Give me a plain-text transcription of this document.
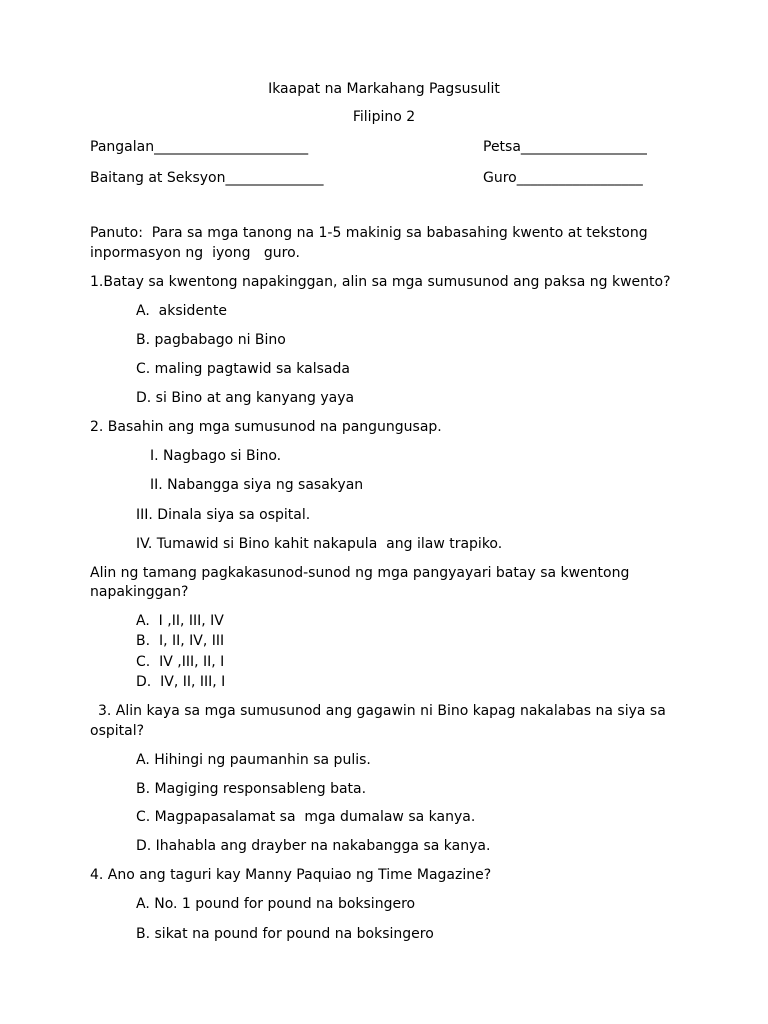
Ikaapat na Markahang Pagsusulit
Filipino 2
Pangalan______________________	Petsa__________________
Baitang at Seksyon______________	Guro__________________
Panuto:  Para sa mga tanong na 1-5 makinig sa babasahing kwento at tekstong
inpormasyon ng  iyong   guro.
1.Batay sa kwentong napakinggan, alin sa mga sumusunod ang paksa ng kwento?
A.  aksidente
B. pagbabago ni Bino
C. maling pagtawid sa kalsada
D. si Bino at ang kanyang yaya
2. Basahin ang mga sumusunod na pangungusap.
I. Nagbago si Bino.
II. Nabangga siya ng sasakyan
III. Dinala siya sa ospital.
IV. Tumawid si Bino kahit nakapula  ang ilaw trapiko.
Alin ng tamang pagkakasunod-sunod ng mga pangyayari batay sa kwentong
napakinggan?
A.  I ,II, III, IV
B.  I, II, IV, III
C.  IV ,III, II, I
D.  IV, II, III, I
3. Alin kaya sa mga sumusunod ang gagawin ni Bino kapag nakalabas na siya sa
ospital?
A. Hihingi ng paumanhin sa pulis.
B. Magiging responsableng bata.
C. Magpapasalamat sa  mga dumalaw sa kanya.
D. Ihahabla ang drayber na nakabangga sa kanya.
4. Ano ang taguri kay Manny Paquiao ng Time Magazine?
A. No. 1 pound for pound na boksingero
B. sikat na pound for pound na boksingero
